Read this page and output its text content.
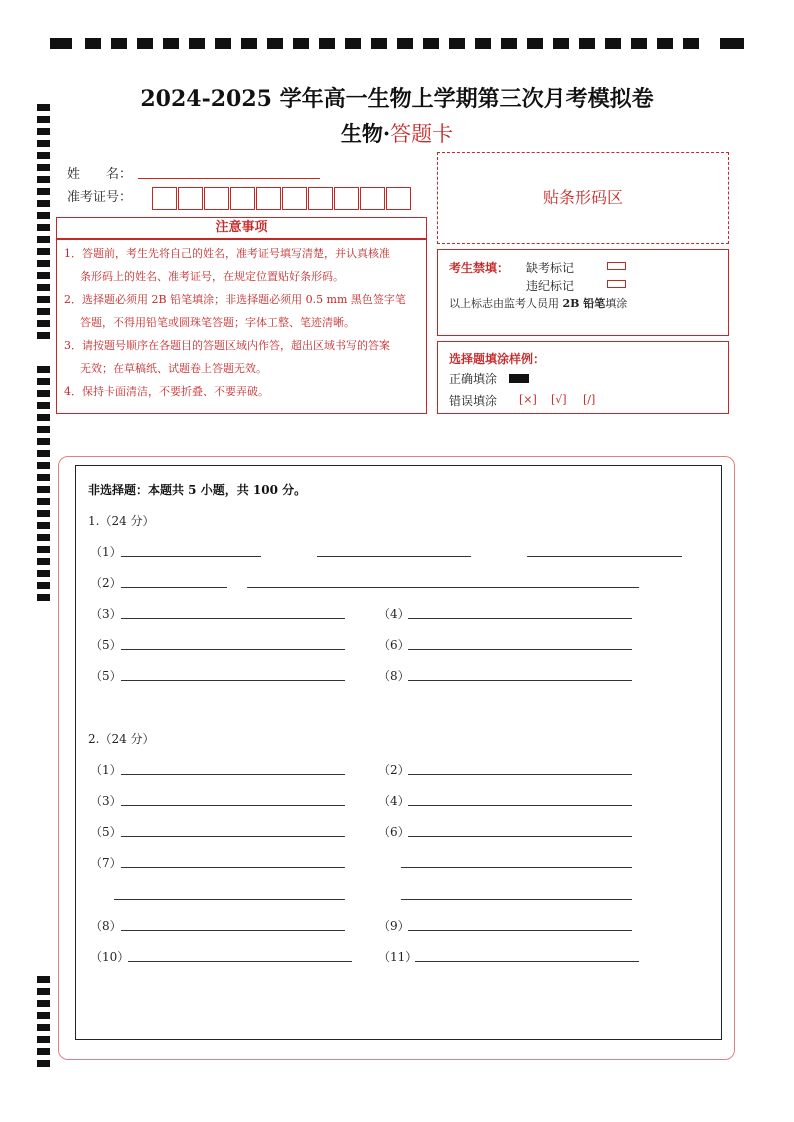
2024-2025 学年高一生物上学期第三次月考模拟卷
生物·答题卡
姓　　名：
准考证号：	贴条形码区
注意事项
1．答题前，考生先将自己的姓名，准考证号填写清楚，并认真核准
条形码上的姓名、准考证号，在规定位置贴好条形码。
2．选择题必须用 2B 铅笔填涂；非选择题必须用 0.5 mm 黑色签字笔
答题，不得用铅笔或圆珠笔答题；字体工整、笔迹清晰。
3．请按题号顺序在各题目的答题区域内作答，超出区域书写的答案
无效；在草稿纸、试题卷上答题无效。
4．保持卡面清洁，不要折叠、不要弄破。
考生禁填： 缺考标记
违纪标记
以上标志由监考人员用 2B 铅笔填涂
选择题填涂样例：
正确填涂
错误填涂 [×] [√] [/]
非选择题：本题共 5 小题，共 100 分。
1.（24 分）
（1）
（2）
（3）	（4）
（5）	（6）
（5）	（8）
2.（24 分）
（1）	（2）
（3）	（4）
（5）	（6）
（7）
（8）	（9）
（10）	（11）
